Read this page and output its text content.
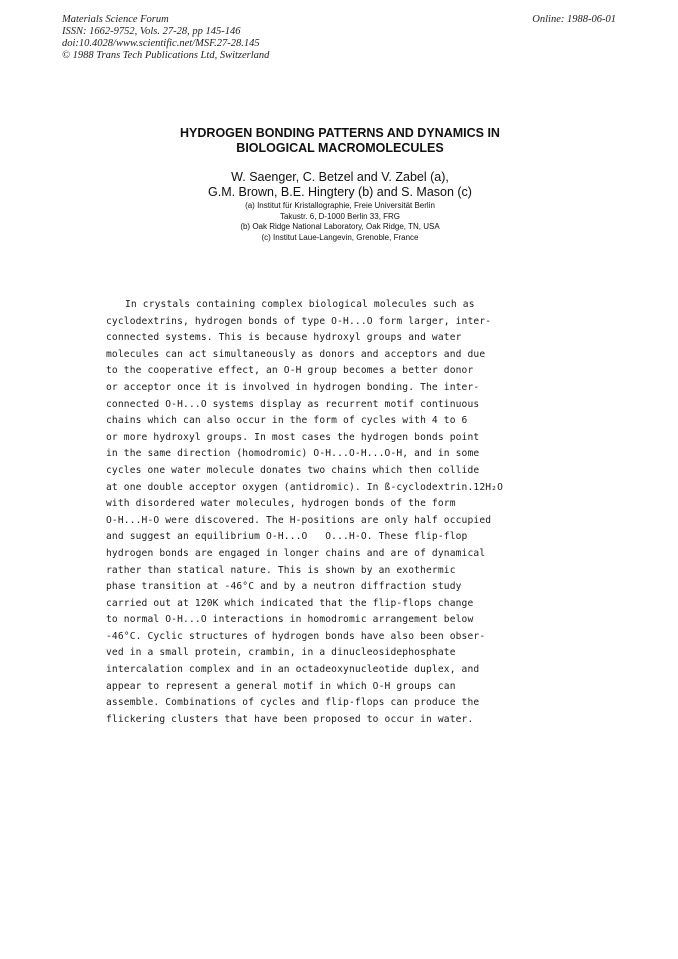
Materials Science Forum
ISSN: 1662-9752, Vols. 27-28, pp 145-146
doi:10.4028/www.scientific.net/MSF.27-28.145
© 1988 Trans Tech Publications Ltd, Switzerland
Online: 1988-06-01
HYDROGEN BONDING PATTERNS AND DYNAMICS IN
BIOLOGICAL MACROMOLECULES
W. Saenger, C. Betzel and V. Zabel (a),
G.M. Brown, B.E. Hingtery (b) and S. Mason (c)
(a) Institut für Kristallographie, Freie Universität Berlin
Takustr. 6, D-1000 Berlin 33, FRG
(b) Oak Ridge National Laboratory, Oak Ridge, TN, USA
(c) Institut Laue-Langevin, Grenoble, France
In crystals containing complex biological molecules such as
cyclodextrins, hydrogen bonds of type O-H...O form larger, inter-
connected systems. This is because hydroxyl groups and water
molecules can act simultaneously as donors and acceptors and due
to the cooperative effect, an O-H group becomes a better donor
or acceptor once it is involved in hydrogen bonding. The inter-
connected O-H...O systems display as recurrent motif continuous
chains which can also occur in the form of cycles with 4 to 6
or more hydroxyl groups. In most cases the hydrogen bonds point
in the same direction (homodromic) O-H...O-H...O-H, and in some
cycles one water molecule donates two chains which then collide
at one double acceptor oxygen (antidromic). In ß-cyclodextrin.12H₂O
with disordered water molecules, hydrogen bonds of the form
O-H...H-O were discovered. The H-positions are only half occupied
and suggest an equilibrium O-H...O   O...H-O. These flip-flop
hydrogen bonds are engaged in longer chains and are of dynamical
rather than statical nature. This is shown by an exothermic
phase transition at -46°C and by a neutron diffraction study
carried out at 120K which indicated that the flip-flops change
to normal O-H...O interactions in homodromic arrangement below
-46°C. Cyclic structures of hydrogen bonds have also been obser-
ved in a small protein, crambin, in a dinucleosidephosphate
intercalation complex and in an octadeoxynucleotide duplex, and
appear to represent a general motif in which O-H groups can
assemble. Combinations of cycles and flip-flops can produce the
flickering clusters that have been proposed to occur in water.
